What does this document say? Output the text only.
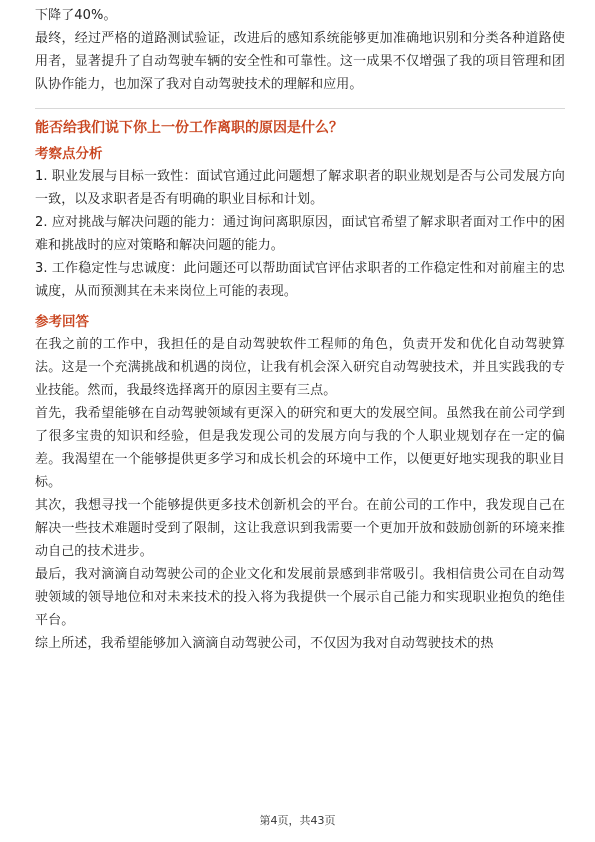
下降了40%。

最终，经过严格的道路测试验证，改进后的感知系统能够更加准确地识别和分类各种道路使用者，显著提升了自动驾驶车辆的安全性和可靠性。这一成果不仅增强了我的项目管理和团队协作能力，也加深了我对自动驾驶技术的理解和应用。

能否给我们说下你上一份工作离职的原因是什么？

考察点分析

1. 职业发展与目标一致性：面试官通过此问题想了解求职者的职业规划是否与公司发展方向一致，以及求职者是否有明确的职业目标和计划。

2. 应对挑战与解决问题的能力：通过询问离职原因，面试官希望了解求职者面对工作中的困难和挑战时的应对策略和解决问题的能力。

3. 工作稳定性与忠诚度：此问题还可以帮助面试官评估求职者的工作稳定性和对前雇主的忠诚度，从而预测其在未来岗位上可能的表现。

参考回答

在我之前的工作中，我担任的是自动驾驶软件工程师的角色，负责开发和优化自动驾驶算法。这是一个充满挑战和机遇的岗位，让我有机会深入研究自动驾驶技术，并且实践我的专业技能。然而，我最终选择离开的原因主要有三点。

首先，我希望能够在自动驾驶领域有更深入的研究和更大的发展空间。虽然我在前公司学到了很多宝贵的知识和经验，但是我发现公司的发展方向与我的个人职业规划存在一定的偏差。我渴望在一个能够提供更多学习和成长机会的环境中工作，以便更好地实现我的职业目标。

其次，我想寻找一个能够提供更多技术创新机会的平台。在前公司的工作中，我发现自己在解决一些技术难题时受到了限制，这让我意识到我需要一个更加开放和鼓励创新的环境来推动自己的技术进步。

最后，我对滴滴自动驾驶公司的企业文化和发展前景感到非常吸引。我相信贵公司在自动驾驶领域的领导地位和对未来技术的投入将为我提供一个展示自己能力和实现职业抱负的绝佳平台。

综上所述，我希望能够加入滴滴自动驾驶公司，不仅因为我对自动驾驶技术的热

第4页，共43页
